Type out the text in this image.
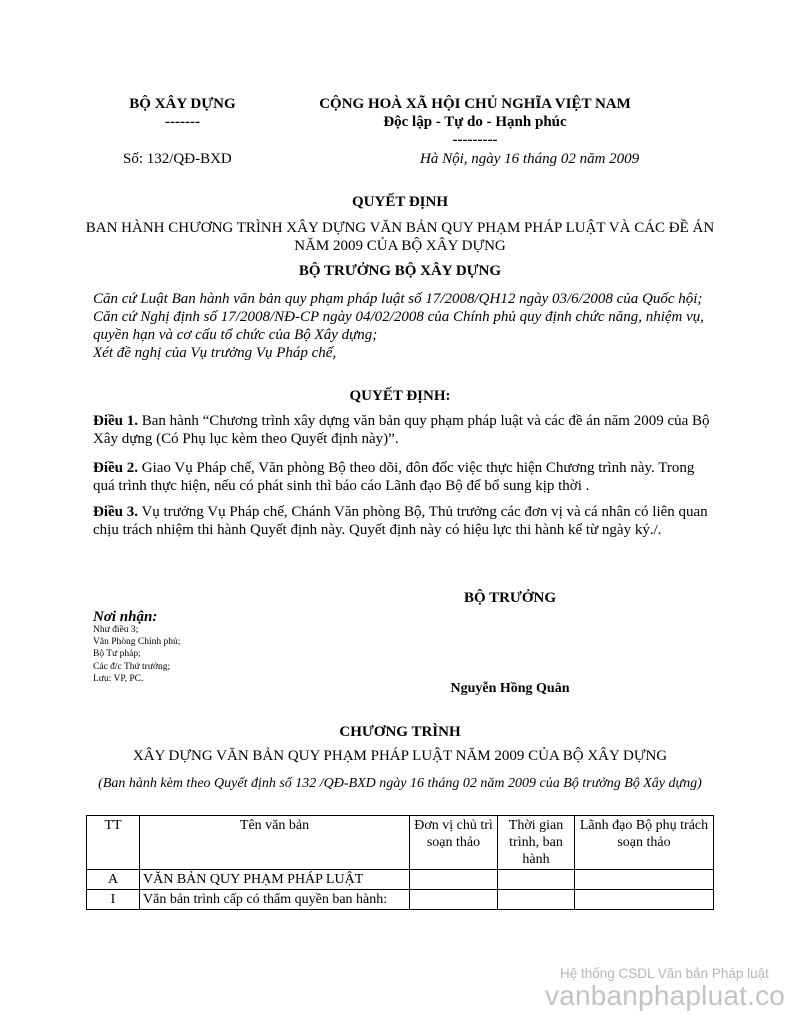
BỘ XÂY DỰNG
-------
CỘNG HOÀ XÃ HỘI CHỦ NGHĨA VIỆT NAM
Độc lập - Tự do - Hạnh phúc
---------
Số: 132/QĐ-BXD	Hà Nội, ngày 16 tháng 02 năm 2009
QUYẾT ĐỊNH
BAN HÀNH CHƯƠNG TRÌNH XÂY DỰNG VĂN BẢN QUY PHẠM PHÁP LUẬT VÀ CÁC ĐỀ ÁN NĂM 2009 CỦA BỘ XÂY DỰNG
BỘ TRƯỞNG BỘ XÂY DỰNG

Căn cứ Luật Ban hành văn bản quy phạm pháp luật số 17/2008/QH12 ngày 03/6/2008 của Quốc hội;

Căn cứ Nghị định số 17/2008/NĐ-CP ngày 04/02/2008 của Chính phủ quy định chức năng, nhiệm vụ, quyền hạn và cơ cấu tổ chức của Bộ Xây dựng;

Xét đề nghị của Vụ trưởng Vụ Pháp chế,

QUYẾT ĐỊNH:

Điều 1. Ban hành “Chương trình xây dựng văn bản quy phạm pháp luật và các đề án năm 2009 của Bộ Xây dựng (Có Phụ lục kèm theo Quyết định này)”.

Điều 2. Giao Vụ Pháp chế, Văn phòng Bộ theo dõi, đôn đốc việc thực hiện Chương trình này. Trong quá trình thực hiện, nếu có phát sinh thì báo cáo Lãnh đạo Bộ để bổ sung kịp thời .

Điều 3. Vụ trưởng Vụ Pháp chế, Chánh Văn phòng Bộ, Thủ trưởng các đơn vị và cá nhân có liên quan chịu trách nhiệm thi hành Quyết định này. Quyết định này có hiệu lực thi hành kể từ ngày ký./.

BỘ TRƯỞNG
Nguyễn Hồng Quân
Nơi nhận:
Như điều 3;
Văn Phòng Chính phủ;
Bộ Tư pháp;
Các đ/c Thứ trưởng;
Lưu: VP, PC.
CHƯƠNG TRÌNH
XÂY DỰNG VĂN BẢN QUY PHẠM PHÁP LUẬT NĂM 2009 CỦA BỘ XÂY DỰNG
(Ban hành kèm theo Quyết định số 132 /QĐ-BXD ngày 16 tháng 02 năm 2009 của Bộ trưởng Bộ Xây dựng)
TT	Tên văn bản	Đơn vị chủ trì soạn thảo	Thời gian trình, ban hành	Lãnh đạo Bộ phụ trách soạn thảo
A	VĂN BẢN QUY PHẠM PHÁP LUẬT			
I	Văn bản trình cấp có thẩm quyền ban hành:			
Hệ thống CSDL Văn bản Pháp luật
vanbanphapluat.co
